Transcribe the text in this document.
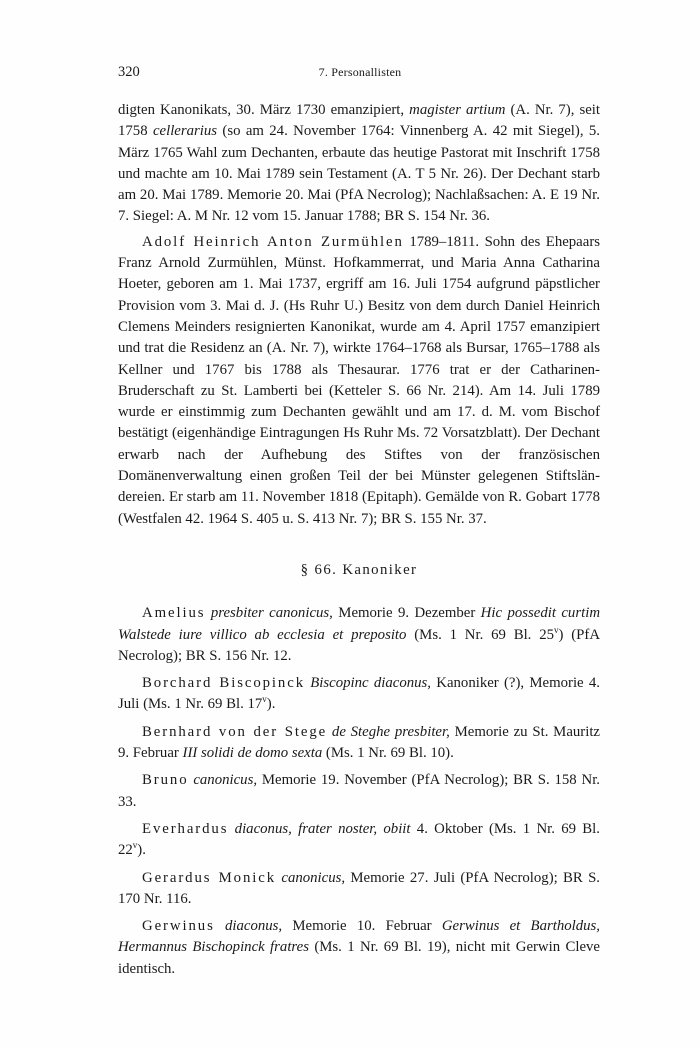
320	7. Personallisten

digten Kanonikats, 30. März 1730 emanzipiert, magister artium (A. Nr. 7), seit 1758 cellerarius (so am 24. November 1764: Vinnenberg A. 42 mit Siegel), 5. März 1765 Wahl zum Dechanten, erbaute das heutige Pastorat mit Inschrift 1758 und machte am 10. Mai 1789 sein Testament (A. T 5 Nr. 26). Der Dechant starb am 20. Mai 1789. Memorie 20. Mai (PfA Necrolog); Nachlaßsachen: A. E 19 Nr. 7. Siegel: A. M Nr. 12 vom 15. Januar 1788; BR S. 154 Nr. 36.

Adolf Heinrich Anton Zurmühlen 1789–1811. Sohn des Ehepaars Franz Arnold Zurmühlen, Münst. Hofkammerrat, und Maria Anna Catharina Hoeter, geboren am 1. Mai 1737, ergriff am 16. Juli 1754 aufgrund päpstlicher Provision vom 3. Mai d. J. (Hs Ruhr U.) Besitz von dem durch Daniel Heinrich Clemens Meinders resignierten Kanonikat, wurde am 4. April 1757 emanzipiert und trat die Residenz an (A. Nr. 7), wirkte 1764–1768 als Bursar, 1765–1788 als Kellner und 1767 bis 1788 als Thesaurar. 1776 trat er der Catharinen-Bruderschaft zu St. Lamberti bei (Ketteler S. 66 Nr. 214). Am 14. Juli 1789 wurde er einstimmig zum Dechanten gewählt und am 17. d. M. vom Bischof bestätigt (eigenhändige Eintragungen Hs Ruhr Ms. 72 Vorsatzblatt). Der Dechant erwarb nach der Aufhebung des Stiftes von der französischen Domänenverwaltung einen großen Teil der bei Münster gelegenen Stiftsländereien. Er starb am 11. November 1818 (Epitaph). Gemälde von R. Gobart 1778 (Westfalen 42. 1964 S. 405 u. S. 413 Nr. 7); BR S. 155 Nr. 37.

§ 66. Kanoniker

Amelius presbiter canonicus, Memorie 9. Dezember Hic possedit curtim Walstede iure villico ab ecclesia et preposito (Ms. 1 Nr. 69 Bl. 25$^v$) (PfA Necrolog); BR S. 156 Nr. 12.

Borchard Biscopinck Biscopinc diaconus, Kanoniker (?), Memorie 4. Juli (Ms. 1 Nr. 69 Bl. 17$^v$).

Bernhard von der Stege de Steghe presbiter, Memorie zu St. Mauritz 9. Februar III solidi de domo sexta (Ms. 1 Nr. 69 Bl. 10).

Bruno canonicus, Memorie 19. November (PfA Necrolog); BR S. 158 Nr. 33.

Everhardus diaconus, frater noster, obiit 4. Oktober (Ms. 1 Nr. 69 Bl. 22$^v$).

Gerardus Monick canonicus, Memorie 27. Juli (PfA Necrolog); BR S. 170 Nr. 116.

Gerwinus diaconus, Memorie 10. Februar Gerwinus et Bartholdus, Hermannus Bischopinck fratres (Ms. 1 Nr. 69 Bl. 19), nicht mit Gerwin Cleve identisch.
